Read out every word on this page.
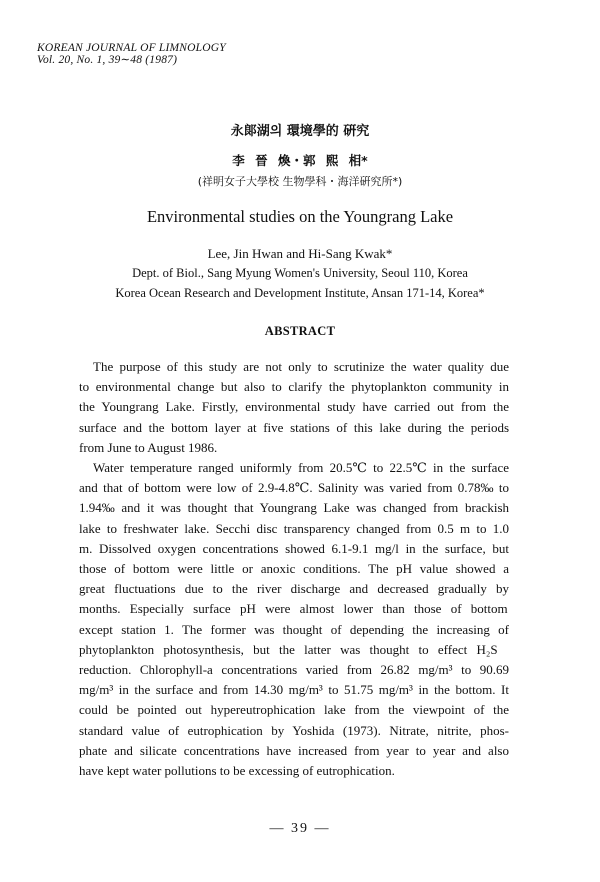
KOREAN JOURNAL OF LIMNOLOGY
Vol. 20, No. 1, 39∼48 (1987)
永郞湖의 環境學的 硏究
李 晉 煥・郭 熙 相*
(祥明女子大學校 生物學科・海洋硏究所*)
Environmental studies on the Youngrang Lake
Lee, Jin Hwan and Hi-Sang Kwak*
Dept. of Biol., Sang Myung Women's University, Seoul 110, Korea
Korea Ocean Research and Development Institute, Ansan 171-14, Korea*
ABSTRACT
The purpose of this study are not only to scrutinize the water quality due
to environmental change but also to clarify the phytoplankton community in
the Youngrang Lake. Firstly, environmental study have carried out from the
surface and the bottom layer at five stations of this lake during the periods
from June to August 1986.
Water temperature ranged uniformly from 20.5℃ to 22.5℃ in the surface
and that of bottom were low of 2.9-4.8℃. Salinity was varied from 0.78‰ to
1.94‰ and it was thought that Youngrang Lake was changed from brackish
lake to freshwater lake. Secchi disc transparency changed from 0.5 m to 1.0
m. Dissolved oxygen concentrations showed 6.1-9.1 mg/l in the surface, but
those of bottom were little or anoxic conditions. The pH value showed a
great fluctuations due to the river discharge and decreased gradually by
months. Especially surface pH were almost lower than those of bottom
except station 1. The former was thought of depending the increasing of
phytoplankton photosynthesis, but the latter was thought to effect H₂S
reduction. Chlorophyll-a concentrations varied from 26.82 mg/m³ to 90.69
mg/m³ in the surface and from 14.30 mg/m³ to 51.75 mg/m³ in the bottom. It
could be pointed out hypereutrophication lake from the viewpoint of the
standard value of eutrophication by Yoshida (1973). Nitrate, nitrite, phos-
phate and silicate concentrations have increased from year to year and also
have kept water pollutions to be excessing of eutrophication.
— 39 —
